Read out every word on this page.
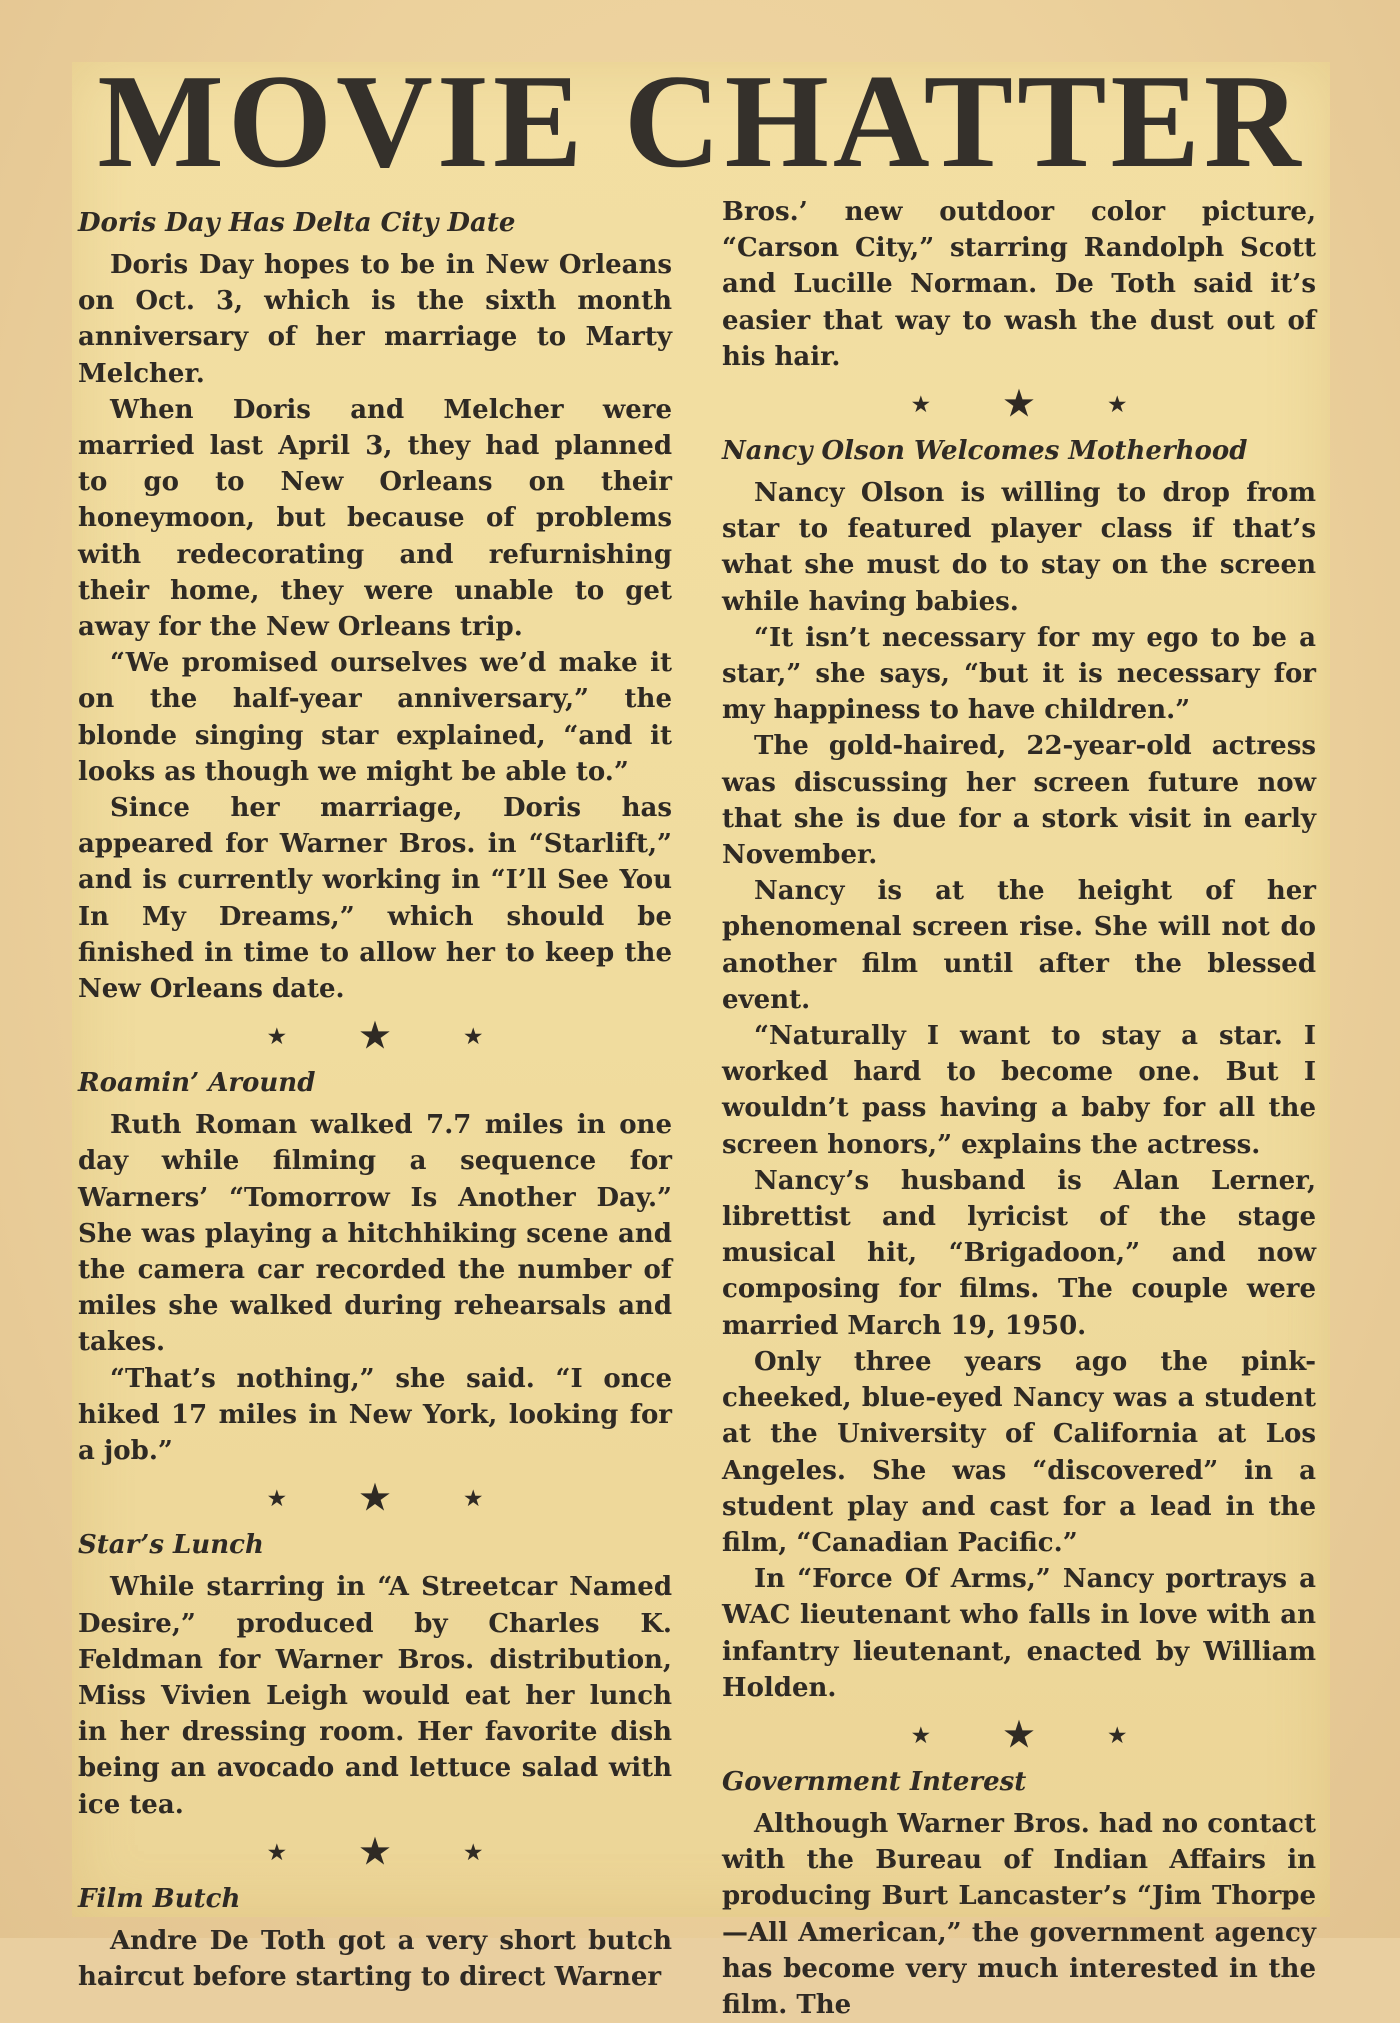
MOVIE CHATTER
Doris Day Has Delta City Date

Doris Day hopes to be in New Orleans on Oct. 3, which is the sixth month anniversary of her marriage to Marty Melcher.

When Doris and Melcher were married last April 3, they had planned to go to New Orleans on their honeymoon, but because of problems with redecorating and refurnishing their home, they were unable to get away for the New Orleans trip.

“We promised ourselves we’d make it on the half-year anniversary,” the blonde singing star explained, “and it looks as though we might be able to.”

Since her marriage, Doris has appeared for Warner Bros. in “Starlift,” and is currently working in “I’ll See You In My Dreams,” which should be finished in time to allow her to keep the New Orleans date.

★ ★	★
Roamin’ Around

Ruth Roman walked 7.7 miles in one day while filming a sequence for Warners’ “Tomorrow Is Another Day.” She was playing a hitchhiking scene and the camera car recorded the number of miles she walked during rehearsals and takes.

“That’s nothing,” she said. “I once hiked 17 miles in New York, looking for a job.”

★ ★	★
Star’s Lunch

While starring in “A Streetcar Named Desire,” produced by Charles K. Feldman for Warner Bros. distribution, Miss Vivien Leigh would eat her lunch in her dressing room. Her favorite dish being an avocado and lettuce salad with ice tea.

★ ★	★
Film Butch

Andre De Toth got a very short butch haircut before starting to direct Warner

Bros.’ new outdoor color picture, “Carson City,” starring Randolph Scott and Lucille Norman. De Toth said it’s easier that way to wash the dust out of his hair.

★ ★	★
Nancy Olson Welcomes Motherhood

Nancy Olson is willing to drop from star to featured player class if that’s what she must do to stay on the screen while having babies.

“It isn’t necessary for my ego to be a star,” she says, “but it is necessary for my happiness to have children.”

The gold-haired, 22-year-old actress was discussing her screen future now that she is due for a stork visit in early November.

Nancy is at the height of her phenomenal screen rise. She will not do another film until after the blessed event.

“Naturally I want to stay a star. I worked hard to become one. But I wouldn’t pass having a baby for all the screen honors,” explains the actress.

Nancy’s husband is Alan Lerner, librettist and lyricist of the stage musical hit, “Brigadoon,” and now composing for films. The couple were married March 19, 1950.

Only three years ago the pink-cheeked, blue-eyed Nancy was a student at the University of California at Los Angeles. She was “discovered” in a student play and cast for a lead in the film, “Canadian Pacific.”

In “Force Of Arms,” Nancy portrays a WAC lieutenant who falls in love with an infantry lieutenant, enacted by William Holden.

★ ★	★
Government Interest

Although Warner Bros. had no contact with the Bureau of Indian Affairs in producing Burt Lancaster’s “Jim Thorpe—All American,” the government agency has become very much interested in the film. The
